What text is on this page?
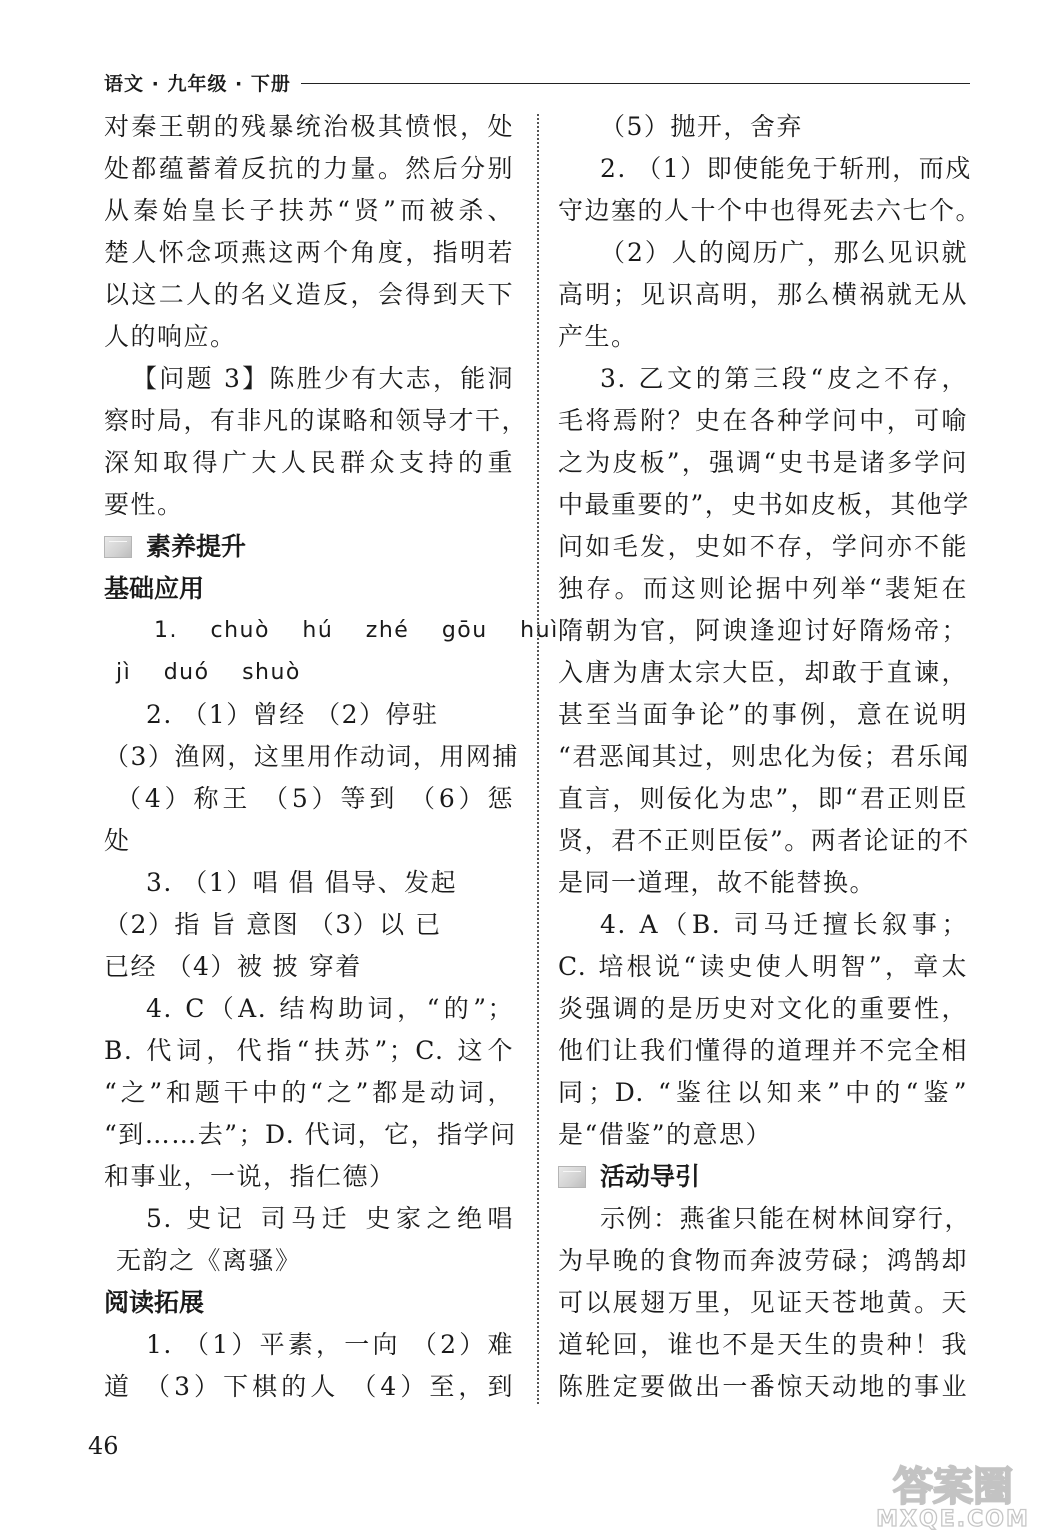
语文 · 九年级 · 下册
对秦王朝的残暴统治极其愤恨，处
处都蕴蓄着反抗的力量。然后分别
从秦始皇长子扶苏“贤”而被杀、
楚人怀念项燕这两个角度，指明若
以这二人的名义造反，会得到天下
人的响应。
【问题 3】陈胜少有大志，能洞
察时局，有非凡的谋略和领导才干，
深知取得广大人民群众支持的重
要性。
素养提升
基础应用
1. chuò hú zhé gōu huì
jì duó shuò
2. （1）曾经 （2）停驻
（3）渔网，这里用作动词，用网捕
（4）称王 （5）等到 （6）惩
处
3. （1）唱 倡 倡导、发起
（2）指 旨 意图 （3）以 已
已经 （4）被 披 穿着
4. C（A. 结构助词，“的”；
B. 代词，代指“扶苏”；C. 这个
“之”和题干中的“之”都是动词，
“到……去”；D. 代词，它，指学问
和事业，一说，指仁德）
5. 史记 司马迁 史家之绝唱
无韵之《离骚》
阅读拓展
1. （1）平素，一向 （2）难
道 （3）下棋的人 （4）至，到
（5）抛开，舍弃
2. （1）即使能免于斩刑，而戍
守边塞的人十个中也得死去六七个。
（2）人的阅历广，那么见识就
高明；见识高明，那么横祸就无从
产生。
3. 乙文的第三段“皮之不存，
毛将焉附？史在各种学问中，可喻
之为皮板”，强调“史书是诸多学问
中最重要的”，史书如皮板，其他学
问如毛发，史如不存，学问亦不能
独存。而这则论据中列举“裴矩在
隋朝为官，阿谀逢迎讨好隋炀帝；
入唐为唐太宗大臣，却敢于直谏，
甚至当面争论”的事例，意在说明
“君恶闻其过，则忠化为佞；君乐闻
直言，则佞化为忠”，即“君正则臣
贤，君不正则臣佞”。两者论证的不
是同一道理，故不能替换。
4. A（B. 司马迁擅长叙事；
C. 培根说“读史使人明智”，章太
炎强调的是历史对文化的重要性，
他们让我们懂得的道理并不完全相
同；D. “鉴往以知来”中的“鉴”
是“借鉴”的意思）
活动导引
示例：燕雀只能在树林间穿行，
为早晚的食物而奔波劳碌；鸿鹄却
可以展翅万里，见证天苍地黄。天
道轮回，谁也不是天生的贵种！我
陈胜定要做出一番惊天动地的事业
46
答案圈
MXQE.COM
